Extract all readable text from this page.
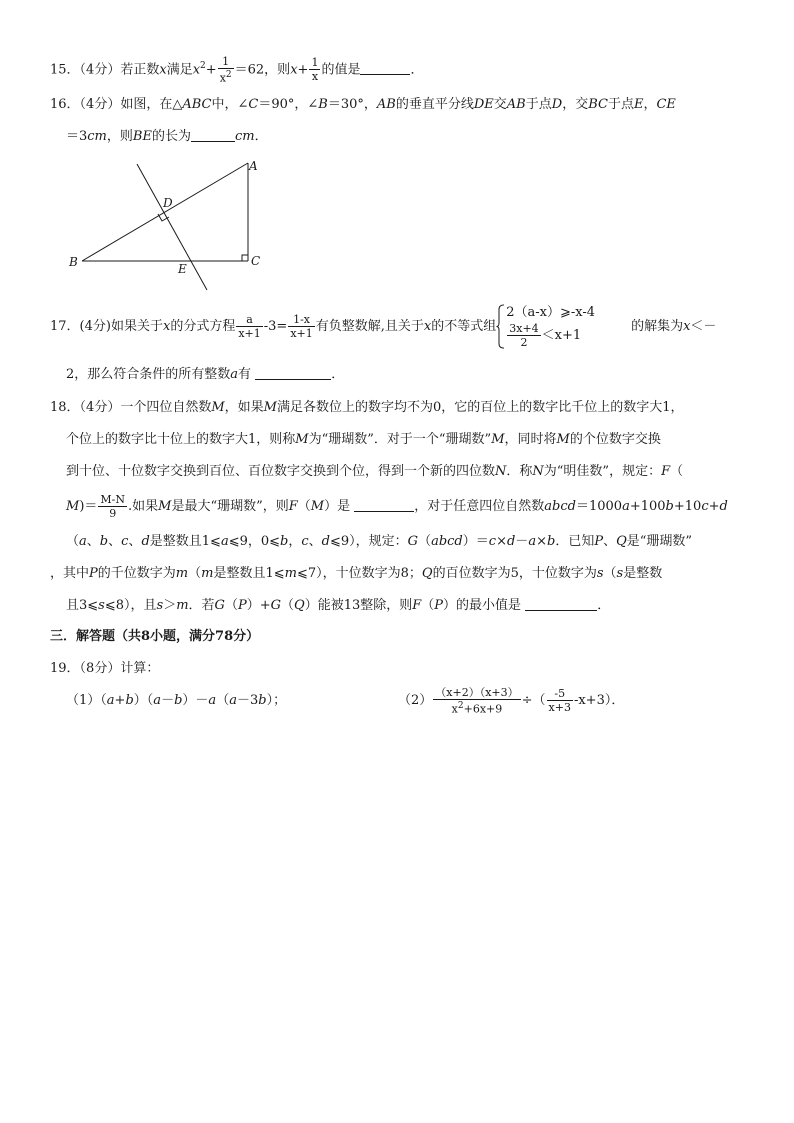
15．（4分）若正数x满足$x^2+ \frac{1}{x^2} =62$，则$x+ \frac{1}{x}$ 的值是	．
16．（4分）如图，在△ABC中，∠C＝90°，∠B＝30°，AB的垂直平分线DE交AB于点D，交BC于点E，CE
＝3cm，则BE的长为	cm．
A
B	C
D
E
17．(4分)如果关于x的分式方程 $\frac{a}{x+1} -3= \frac{1-x}{x+1}$ 有负整数解,且关于x的不等式组
2（a-x）⩾-x-4
$\frac{3x+4}{2} <x+1$
的解集为x＜－
2，那么符合条件的所有整数a有	．
18．（4分）一个四位自然数M，如果M满足各数位上的数字均不为0，它的百位上的数字比千位上的数字大1，
个位上的数字比十位上的数字大1，则称M为“珊瑚数”．对于一个“珊瑚数”M，同时将M的个位数字交换
到十位、十位数字交换到百位、百位数字交换到个位，得到一个新的四位数N．称N为“明佳数”，规定：F（
$M)= \frac{M-N}{9}$ .如果M是最大“珊瑚数”，则F（M）是	，对于任意四位自然数abcd＝1000a+100b+10c+d
（a、b、c、d是整数且1⩽a⩽9，0⩽b，c、d⩽9），规定：G（abcd）＝c×d－a×b．已知P、Q是“珊瑚数”
，其中P的千位数字为m（m是整数且1⩽m⩽7），十位数字为8；Q的百位数字为5，十位数字为s（s是整数
且3⩽s⩽8），且s＞m．若G（P）+G（Q）能被13整除，则F（P）的最小值是	．
三．解答题（共8小题，满分78分）
19．（8分）计算：
（1）（a+b）（a－b）－a（a－3b）；	$(2) \frac{(x+2)(x+3)}{x^2+6x+9}$ ÷（ $\frac{-5}{x+3} -x+3$）．
